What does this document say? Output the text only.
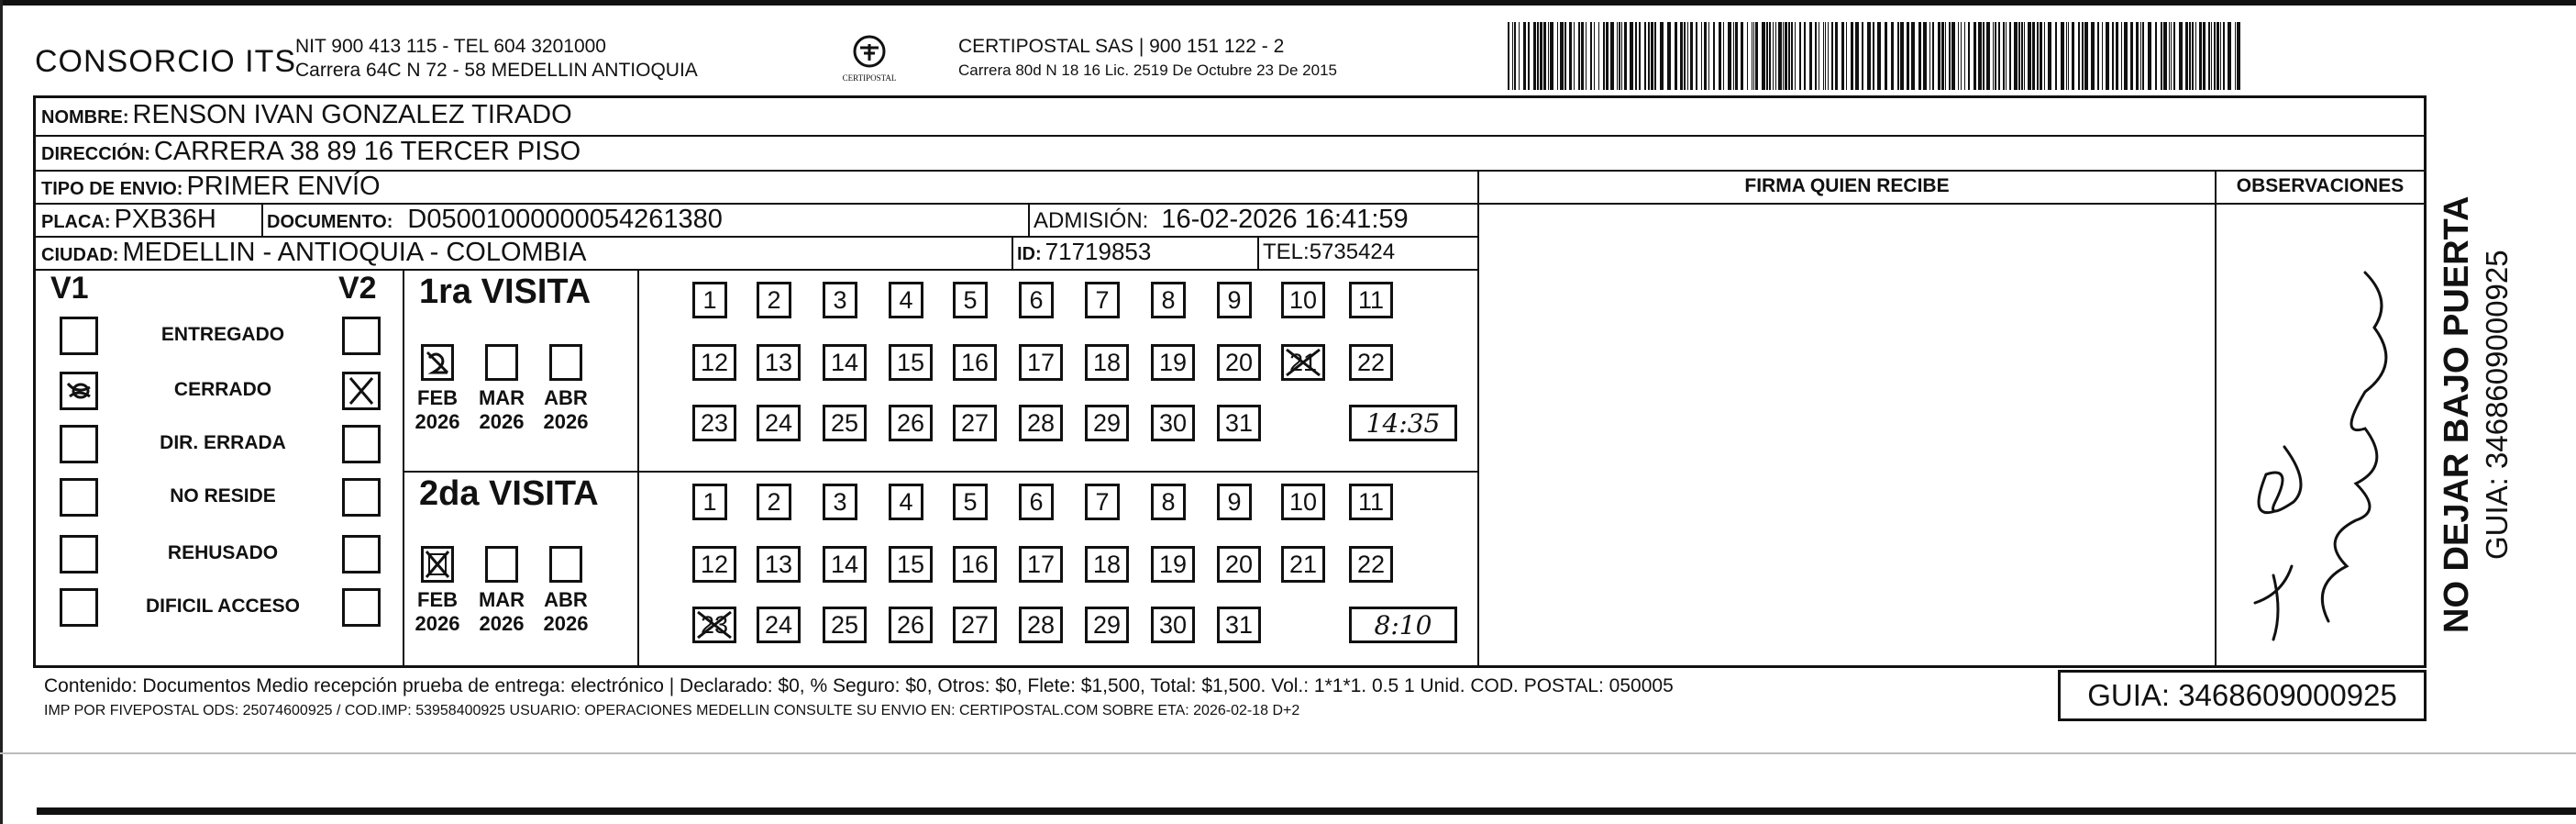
CONSORCIO ITS
NIT 900 413 115 - TEL 604 3201000
Carrera 64C N 72 - 58 MEDELLIN ANTIOQUIA	CERTIPOSTAL
CERTIPOSTAL SAS | 900 151 122 - 2
Carrera 80d N 18 16 Lic. 2519 De Octubre 23 De 2015
NOMBRE: RENSON IVAN GONZALEZ TIRADO
DIRECCIÓN: CARRERA 38 89 16 TERCER PISO
TIPO DE ENVIO: PRIMER ENVÍO	FIRMA QUIEN RECIBE	OBSERVACIONES
PLACA: PXB36H	DOCUMENTO: D05001000000054261380	ADMISIÓN: 16-02-2026 16:41:59
CIUDAD: MEDELLIN - ANTIOQUIA - COLOMBIA	ID: 71719853	TEL:5735424
V1	V2
ENTREGADO
CERRADO
DIR. ERRADA
NO RESIDE
REHUSADO
DIFICIL ACCESO
1ra VISITA
FEB
2026
MAR
2026
ABR
2026
1	2	3	4	5	6	7	8	9	10	11
12	13	14	15	16	17	18	19	20	21	22
23	24	25	26	27	28	29	30	31	14:35
2da VISITA
FEB
2026
MAR
2026
ABR
2026
1	2	3	4	5	6	7	8	9	10	11
12	13	14	15	16	17	18	19	20	21	22
23	24	25	26	27	28	29	30	31	8:10	NO DEJAR BAJO PUERTA GUIA: 3468609000925
Contenido: Documentos Medio recepción prueba de entrega: electrónico | Declarado: $0, % Seguro: $0, Otros: $0, Flete: $1,500, Total: $1,500. Vol.: 1*1*1. 0.5 1 Unid. COD. POSTAL: 050005
IMP POR FIVEPOSTAL ODS: 25074600925 / COD.IMP: 53958400925 USUARIO: OPERACIONES MEDELLIN CONSULTE SU ENVIO EN: CERTIPOSTAL.COM SOBRE ETA: 2026-02-18 D+2	GUIA: 3468609000925
